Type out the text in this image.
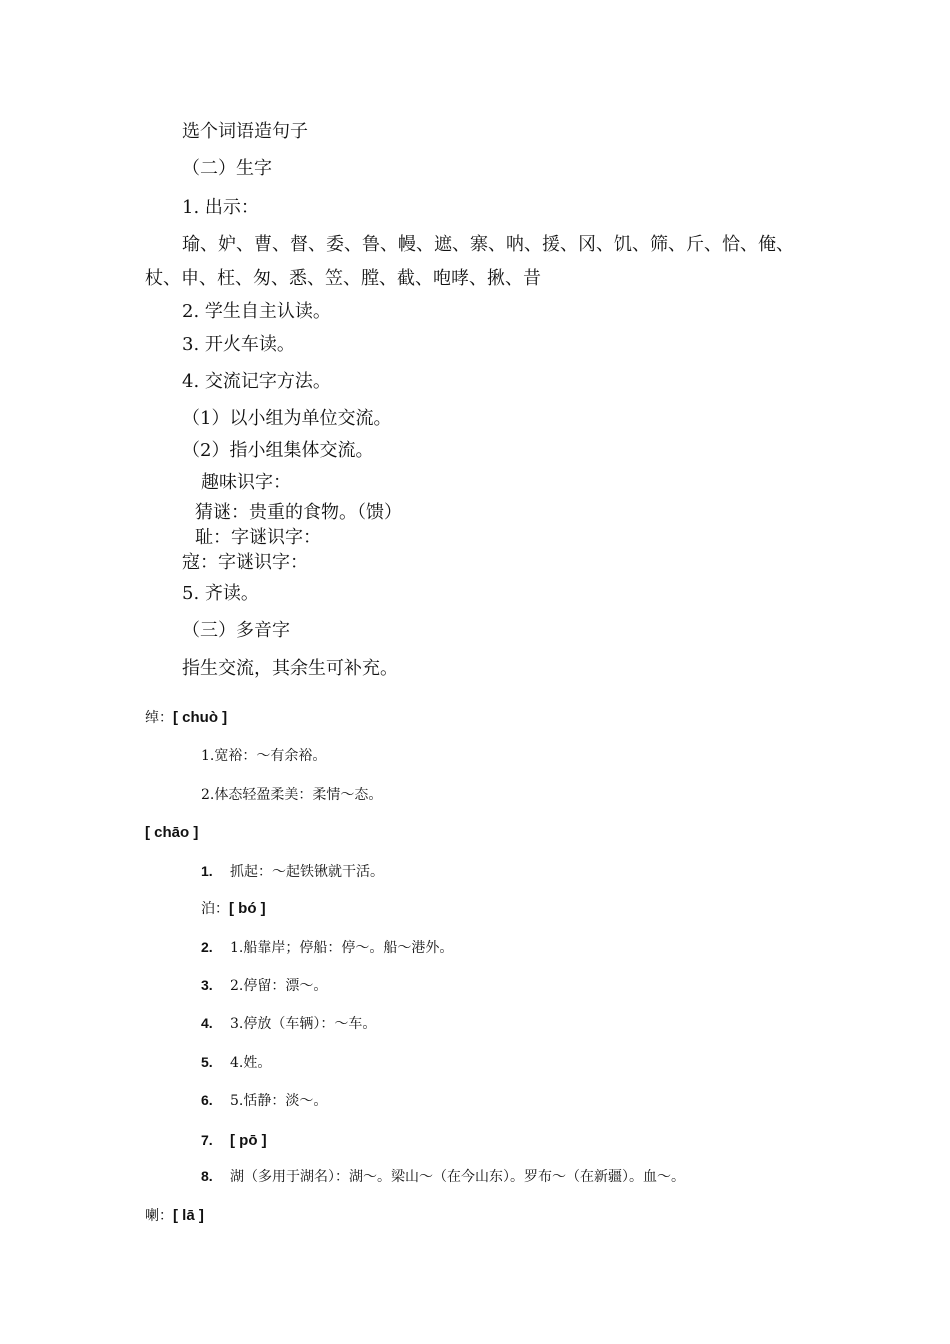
选个词语造句子
（二）生字
1. 出示：
瑜、妒、曹、督、委、鲁、幔、遮、寨、呐、援、冈、饥、筛、斤、恰、俺、
杖、申、枉、匆、悉、笠、膛、截、咆哮、揪、昔
2. 学生自主认读。
3. 开火车读。
4. 交流记字方法。
（1）以小组为单位交流。
（2）指小组集体交流。
趣味识字：
猜谜：贵重的食物。（馈）
耻：字谜识字：
寇：字谜识字：
5. 齐读。
（三）多音字
指生交流，其余生可补充。
绰：[ chuò ]
1.宽裕：～有余裕。
2.体态轻盈柔美：柔情～态。
[ chāo ]
1. 抓起：～起铁锹就干活。
泊：[ bó ]
2. 1.船靠岸；停船：停～。船～港外。
3. 2.停留：漂～。
4. 3.停放（车辆）：～车。
5. 4.姓。
6. 5.恬静：淡～。
7. [ pō ]
8. 湖（多用于湖名）：湖～。梁山～（在今山东）。罗布～（在新疆）。血～。
喇：[ lā ]
